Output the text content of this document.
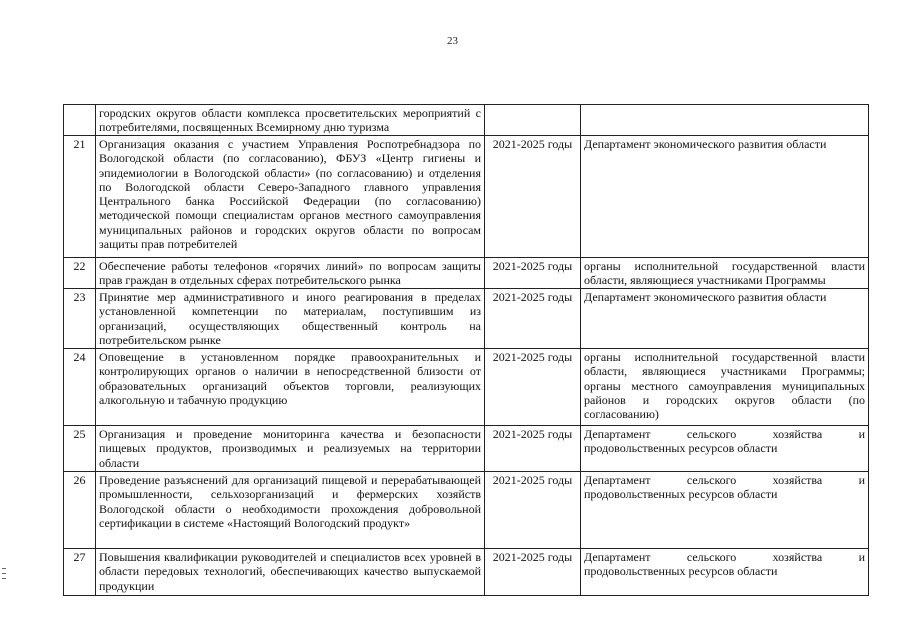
23
	городских округов области комплекса просветительских мероприятий с потребителями, посвященных Всемирному дню туризма		
21	Организация оказания с участием Управления Роспотребнадзора по Вологодской области (по согласованию), ФБУЗ «Центр гигиены и эпидемиологии в Вологодской области» (по согласованию) и отделения по Вологодской области Северо-Западного главного управления Центрального банка Российской Федерации (по согласованию) методической помощи специалистам органов местного самоуправления муниципальных районов и городских округов области по вопросам защиты прав потребителей	2021-2025 годы	Департамент экономического развития области
22	Обеспечение работы телефонов «горячих линий» по вопросам защиты прав граждан в отдельных сферах потребительского рынка	2021-2025 годы	органы исполнительной государственной власти области, являющиеся участниками Программы
23	Принятие мер административного и иного реагирования в пределах установленной компетенции по материалам, поступившим из организаций, осуществляющих общественный контроль на потребительском рынке	2021-2025 годы	Департамент экономического развития области
24	Оповещение в установленном порядке правоохранительных и контролирующих органов о наличии в непосредственной близости от образовательных организаций объектов торговли, реализующих алкогольную и табачную продукцию	2021-2025 годы	органы исполнительной государственной власти области, являющиеся участниками Программы; органы местного самоуправления муниципальных районов и городских округов области (по согласованию)
25	Организация и проведение мониторинга качества и безопасности пищевых продуктов, производимых и реализуемых на территории области	2021-2025 годы	Департамент сельского хозяйства и продовольственных ресурсов области
26	Проведение разъяснений для организаций пищевой и перерабатывающей промышленности, сельхозорганизаций и фермерских хозяйств Вологодской области о необходимости прохождения добровольной сертификации в системе «Настоящий Вологодский продукт»	2021-2025 годы	Департамент сельского хозяйства и продовольственных ресурсов области
27	Повышения квалификации руководителей и специалистов всех уровней в области передовых технологий, обеспечивающих качество выпускаемой продукции	2021-2025 годы	Департамент сельского хозяйства и продовольственных ресурсов области
